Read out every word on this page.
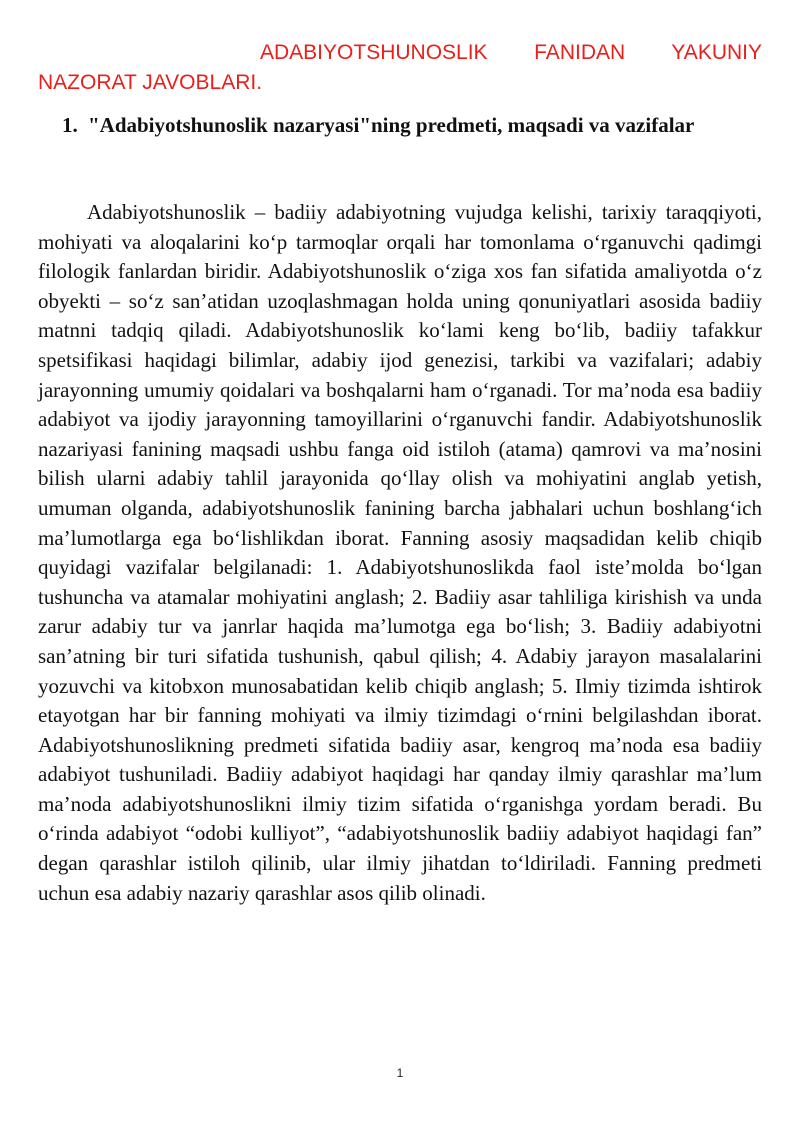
ADABIYOTSHUNOSLIK FANIDAN YAKUNIY NAZORAT JAVOBLARI.

1. "Adabiyotshunoslik nazaryasi"ning predmeti, maqsadi va vazifalar

Adabiyotshunoslik – badiiy adabiyotning vujudga kelishi, tarixiy taraqqiyoti, mohiyati va aloqalarini ko‘p tarmoqlar orqali har tomonlama o‘rganuvchi qadimgi filologik fanlardan biridir. Adabiyotshunoslik o‘ziga xos fan sifatida amaliyotda o‘z obyekti – so‘z san’atidan uzoqlashmagan holda uning qonuniyatlari asosida badiiy matnni tadqiq qiladi. Adabiyotshunoslik ko‘lami keng bo‘lib, badiiy tafakkur spetsifikasi haqidagi bilimlar, adabiy ijod genezisi, tarkibi va vazifalari; adabiy jarayonning umumiy qoidalari va boshqalarni ham o‘rganadi. Tor ma’noda esa badiiy adabiyot va ijodiy jarayonning tamoyillarini o‘rganuvchi fandir. Adabiyotshunoslik nazariyasi fanining maqsadi ushbu fanga oid istiloh (atama) qamrovi va ma’nosini bilish ularni adabiy tahlil jarayonida qo‘llay olish va mohiyatini anglab yetish, umuman olganda, adabiyotshunoslik fanining barcha jabhalari uchun boshlang‘ich ma’lumotlarga ega bo‘lishlikdan iborat. Fanning asosiy maqsadidan kelib chiqib quyidagi vazifalar belgilanadi: 1. Adabiyotshunoslikda faol iste’molda bo‘lgan tushuncha va atamalar mohiyatini anglash; 2. Badiiy asar tahliliga kirishish va unda zarur adabiy tur va janrlar haqida ma’lumotga ega bo‘lish; 3. Badiiy adabiyotni san’atning bir turi sifatida tushunish, qabul qilish; 4. Adabiy jarayon masalalarini yozuvchi va kitobxon munosabatidan kelib chiqib anglash; 5. Ilmiy tizimda ishtirok etayotgan har bir fanning mohiyati va ilmiy tizimdagi o‘rnini belgilashdan iborat. Adabiyotshunoslikning predmeti sifatida badiiy asar, kengroq ma’noda esa badiiy adabiyot tushuniladi. Badiiy adabiyot haqidagi har qanday ilmiy qarashlar ma’lum ma’noda adabiyotshunoslikni ilmiy tizim sifatida o‘rganishga yordam beradi. Bu o‘rinda adabiyot “odobi kulliyot”, “adabiyotshunoslik badiiy adabiyot haqidagi fan” degan qarashlar istiloh qilinib, ular ilmiy jihatdan to‘ldiriladi. Fanning predmeti uchun esa adabiy nazariy qarashlar asos qilib olinadi.

1
